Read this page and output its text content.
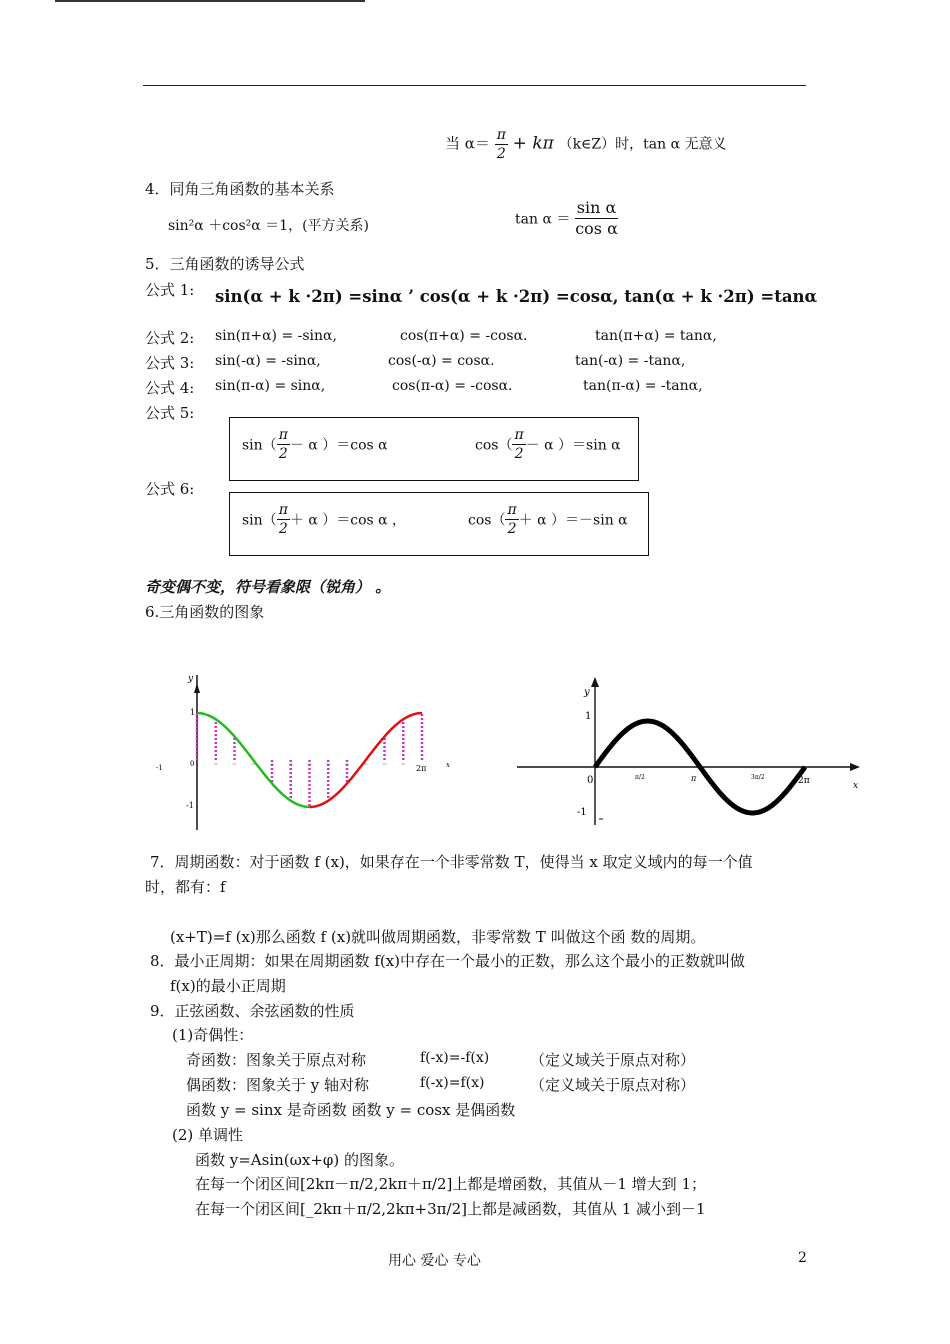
当 $\alpha= \frac{\pi}{2} + k\pi$ （k∈Z）时，tan α 无意义
4．同角三角函数的基本关系
sin²α ＋cos²α ＝1，(平方关系)	$\tan \alpha = \frac{\text{sin α}}{\text{cos α}}$
5．三角函数的诱导公式
公式 1: sin(α + k ·2π) =sinα ’ cos(α + k ·2π) =cosα, tan(α + k ·2π) =tanα
公式 2: sin(π+α) = -sinα,	cos(π+α) = -cosα.	tan(π+α) = tanα,
公式 3: sin(-α) = -sinα,	cos(-α) = cosα.	tan(-α) = -tanα,
公式 4: sin(π-α) = sinα,	cos(π-α) = -cosα.	tan(π-α) = -tanα,
公式 5:
$\sin( \frac{\pi}{2} - \alpha$ ）＝cos α	$\cos( \frac{\pi}{2} - \alpha$ ）＝sin α
公式 6:
$\sin( \frac{\pi}{2} + \alpha$ ）＝cos α ，	$\cos( \frac{\pi}{2} + \alpha$ ）＝－sin α
奇变偶不变，符号看象限（锐角） 。
6.三角函数的图象
y
1
0
-1
-1	x
2π
y
1
0
-1
x
π/2	π	3π/2	2π
7．周期函数：对于函数 f (x)，如果存在一个非零常数 T，使得当 x 取定义域内的每一个值
时，都有：f
(x+T)=f (x)那么函数 f (x)就叫做周期函数，非零常数 T 叫做这个函 数的周期。
8．最小正周期：如果在周期函数 f(x)中存在一个最小的正数，那么这个最小的正数就叫做
f(x)的最小正周期
9．正弦函数、余弦函数的性质
(1)奇偶性：
奇函数：图象关于原点对称	f(-x)=-f(x)	（定义域关于原点对称）
偶函数：图象关于 y 轴对称	f(-x)=f(x)	（定义域关于原点对称）
函数 y = sinx 是奇函数 函数 y = cosx 是偶函数
(2) 单调性
函数 y=Asin(ωx+φ) 的图象。
在每一个闭区间[2kπ－π/2,2kπ＋π/2]上都是增函数，其值从－1 增大到 1；
在每一个闭区间[_2kπ＋π/2,2kπ+3π/2]上都是减函数，其值从 1 减小到－1
用心 爱心 专心	2
